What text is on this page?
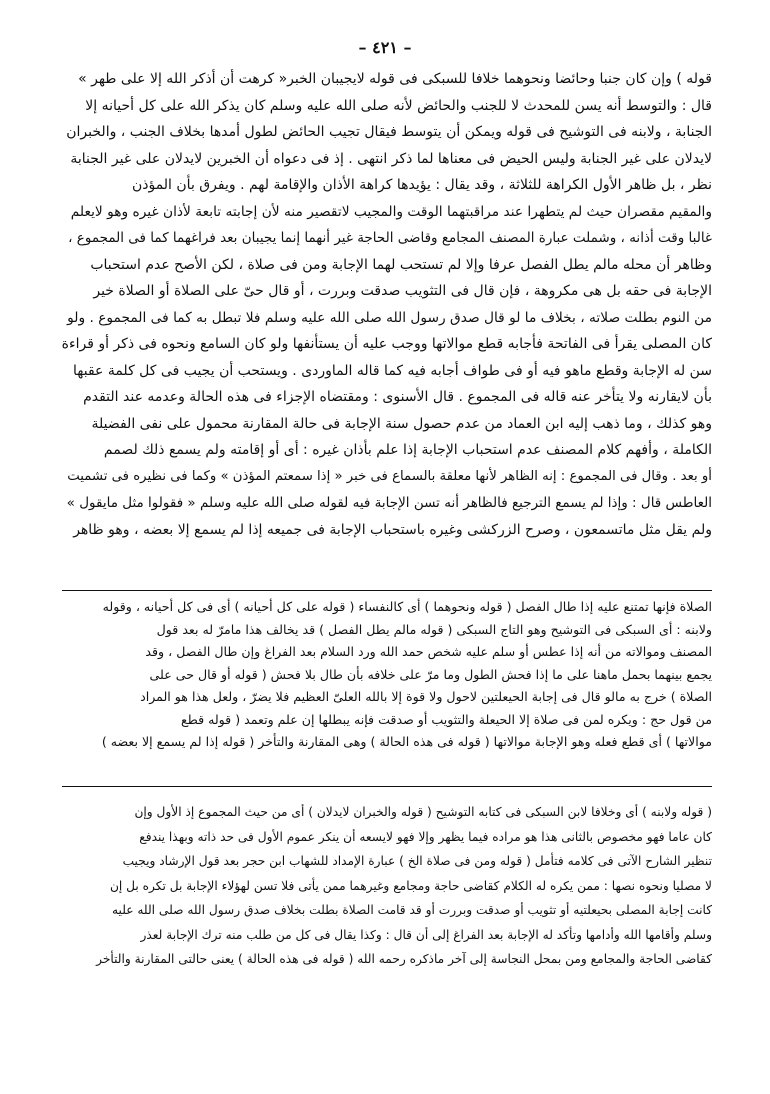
– ٤٢١ –
قوله ) وإن كان جنبا وحائضا ونحوهما خلافا للسبكى فى قوله لايجيبان الخبر« كرهت أن أذكر الله إلا على طهر »
قال : والتوسط أنه يسن للمحدث لا للجنب والحائض لأنه صلى الله عليه وسلم كان يذكر الله على كل أحيانه إلا
الجنابة ، ولابنه فى التوشيح فى قوله ويمكن أن يتوسط فيقال تجيب الحائض لطول أمدها بخلاف الجنب ، والخبران
لايدلان على غير الجنابة وليس الحيض فى معناها لما ذكر انتهى . إذ فى دعواه أن الخبرين لايدلان على غير الجنابة
نظر ، بل ظاهر الأول الكراهة للثلاثة ، وقد يقال : يؤيدها كراهة الأذان والإقامة لهم . ويفرق بأن المؤذن
والمقيم مقصران حيث لم يتطهرا عند مراقبتهما الوقت والمجيب لاتقصير منه لأن إجابته تابعة لأذان غيره وهو لايعلم
غالبا وقت أذانه ، وشملت عبارة المصنف المجامع وقاضى الحاجة غير أنهما إنما يجيبان بعد فراغهما كما فى المجموع ،
وظاهر أن محله مالم يطل الفصل عرفا وإلا لم تستحب لهما الإجابة ومن فى صلاة ، لكن الأصح عدم استحباب
الإجابة فى حقه بل هى مكروهة ، فإن قال فى التثويب صدقت وبررت ، أو قال حىّ على الصلاة أو الصلاة خير
من النوم بطلت صلاته ، بخلاف ما لو قال صدق رسول الله صلى الله عليه وسلم فلا تبطل به كما فى المجموع . ولو
كان المصلى يقرأ فى الفاتحة فأجابه قطع موالاتها ووجب عليه أن يستأنفها ولو كان السامع ونحوه فى ذكر أو قراءة
سن له الإجابة وقطع ماهو فيه أو فى طواف أجابه فيه كما قاله الماوردى . ويستحب أن يجيب فى كل كلمة عقبها
بأن لايقارنه ولا يتأخر عنه قاله فى المجموع . قال الأسنوى : ومقتضاه الإجزاء فى هذه الحالة وعدمه عند التقدم
وهو كذلك ، وما ذهب إليه ابن العماد من عدم حصول سنة الإجابة فى حالة المقارنة محمول على نفى الفضيلة
الكاملة ، وأفهم كلام المصنف عدم استحباب الإجابة إذا علم بأذان غيره : أى أو إقامته ولم يسمع ذلك لصمم
أو بعد . وقال فى المجموع : إنه الظاهر لأنها معلقة بالسماع فى خبر « إذا سمعتم المؤذن » وكما فى نظيره فى تشميت
العاطس قال : وإذا لم يسمع الترجيع فالظاهر أنه تسن الإجابة فيه لقوله صلى الله عليه وسلم « فقولوا مثل مايقول »
ولم يقل مثل ماتسمعون ، وصرح الزركشى وغيره باستحباب الإجابة فى جميعه إذا لم يسمع إلا بعضه ، وهو ظاهر
الصلاة فإنها تمتنع عليه إذا طال الفصل ( قوله ونحوهما ) أى كالنفساء ( قوله على كل أحيانه ) أى فى كل أحيانه ، وقوله
ولابنه : أى السبكى فى التوشيح وهو التاج السبكى ( قوله مالم يطل الفصل ) قد يخالف هذا مامرّ له بعد قول
المصنف وموالاته من أنه إذا عطس أو سلم عليه شخص حمد الله ورد السلام بعد الفراغ وإن طال الفصل ، وقد
يجمع بينهما بحمل ماهنا على ما إذا فحش الطول وما مرّ على خلافه بأن طال بلا فحش ( قوله أو قال حى على
الصلاة ) خرج به مالو قال فى إجابة الحيعلتين لاحول ولا قوة إلا بالله العلىّ العظيم فلا يضرّ ، ولعل هذا هو المراد
من قول حج : ويكره لمن فى صلاة إلا الحيعلة والتثويب أو صدقت فإنه يبطلها إن علم وتعمد ( قوله قطع
موالاتها ) أى قطع فعله وهو الإجابة موالاتها ( قوله فى هذه الحالة ) وهى المقارنة والتأخر ( قوله إذا لم يسمع إلا بعضه )
( قوله ولابنه ) أى وخلافا لابن السبكى فى كتابه التوشيح ( قوله والخبران لايدلان ) أى من حيث المجموع إذ الأول وإن
كان عاما فهو مخصوص بالثانى هذا هو مراده فيما يظهر وإلا فهو لايسعه أن ينكر عموم الأول فى حد ذاته وبهذا يندفع
تنظير الشارح الآتى فى كلامه فتأمل ( قوله ومن فى صلاة الخ ) عبارة الإمداد للشهاب ابن حجر بعد قول الإرشاد ويجيب
لا مصليا ونحوه نصها : ممن يكره له الكلام كقاضى حاجة ومجامع وغيرهما ممن يأتى فلا تسن لهؤلاء الإجابة بل تكره بل إن
كانت إجابة المصلى بحيعلتيه أو تثويب أو صدقت وبررت أو قد قامت الصلاة بطلت بخلاف صدق رسول الله صلى الله عليه
وسلم وأقامها الله وأدامها وتأكد له الإجابة بعد الفراغ إلى أن قال : وكذا يقال فى كل من طلب منه ترك الإجابة لعذر
كقاضى الحاجة والمجامع ومن بمحل النجاسة إلى آخر ماذكره رحمه الله ( قوله فى هذه الحالة ) يعنى حالتى المقارنة والتأخر
